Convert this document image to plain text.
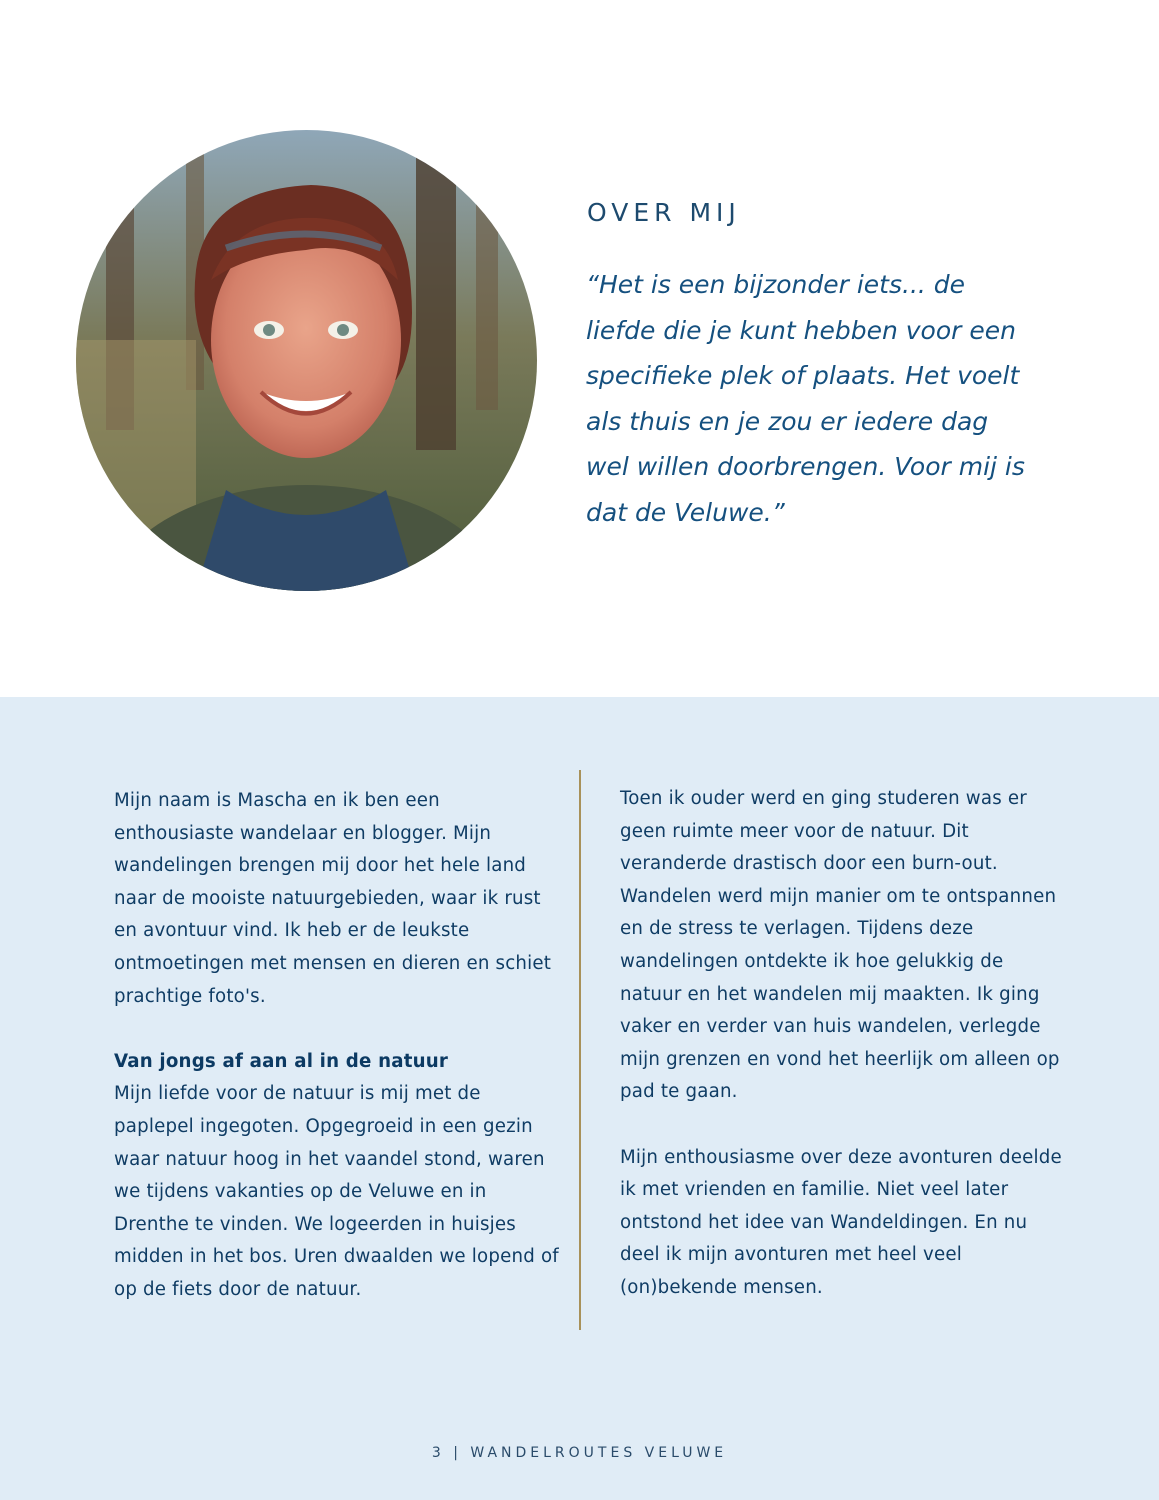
OVER MIJ

“Het is een bijzonder iets... de liefde die je kunt hebben voor een specifieke plek of plaats. Het voelt als thuis en je zou er iedere dag wel willen doorbrengen. Voor mij is dat de Veluwe.”

Mijn naam is Mascha en ik ben een enthousiaste wandelaar en blogger. Mijn wandelingen brengen mij door het hele land naar de mooiste natuurgebieden, waar ik rust en avontuur vind. Ik heb er de leukste ontmoetingen met mensen en dieren en schiet prachtige foto's.

Van jongs af aan al in de natuur

Mijn liefde voor de natuur is mij met de paplepel ingegoten. Opgegroeid in een gezin waar natuur hoog in het vaandel stond, waren we tijdens vakanties op de Veluwe en in Drenthe te vinden. We logeerden in huisjes midden in het bos. Uren dwaalden we lopend of op de fiets door de natuur.

Toen ik ouder werd en ging studeren was er geen ruimte meer voor de natuur. Dit veranderde drastisch door een burn-out. Wandelen werd mijn manier om te ontspannen en de stress te verlagen. Tijdens deze wandelingen ontdekte ik hoe gelukkig de natuur en het wandelen mij maakten. Ik ging vaker en verder van huis wandelen, verlegde mijn grenzen en vond het heerlijk om alleen op pad te gaan.

Mijn enthousiasme over deze avonturen deelde ik met vrienden en familie. Niet veel later ontstond het idee van Wandeldingen. En nu deel ik mijn avonturen met heel veel (on)bekende mensen.

3 | WANDELROUTES VELUWE
